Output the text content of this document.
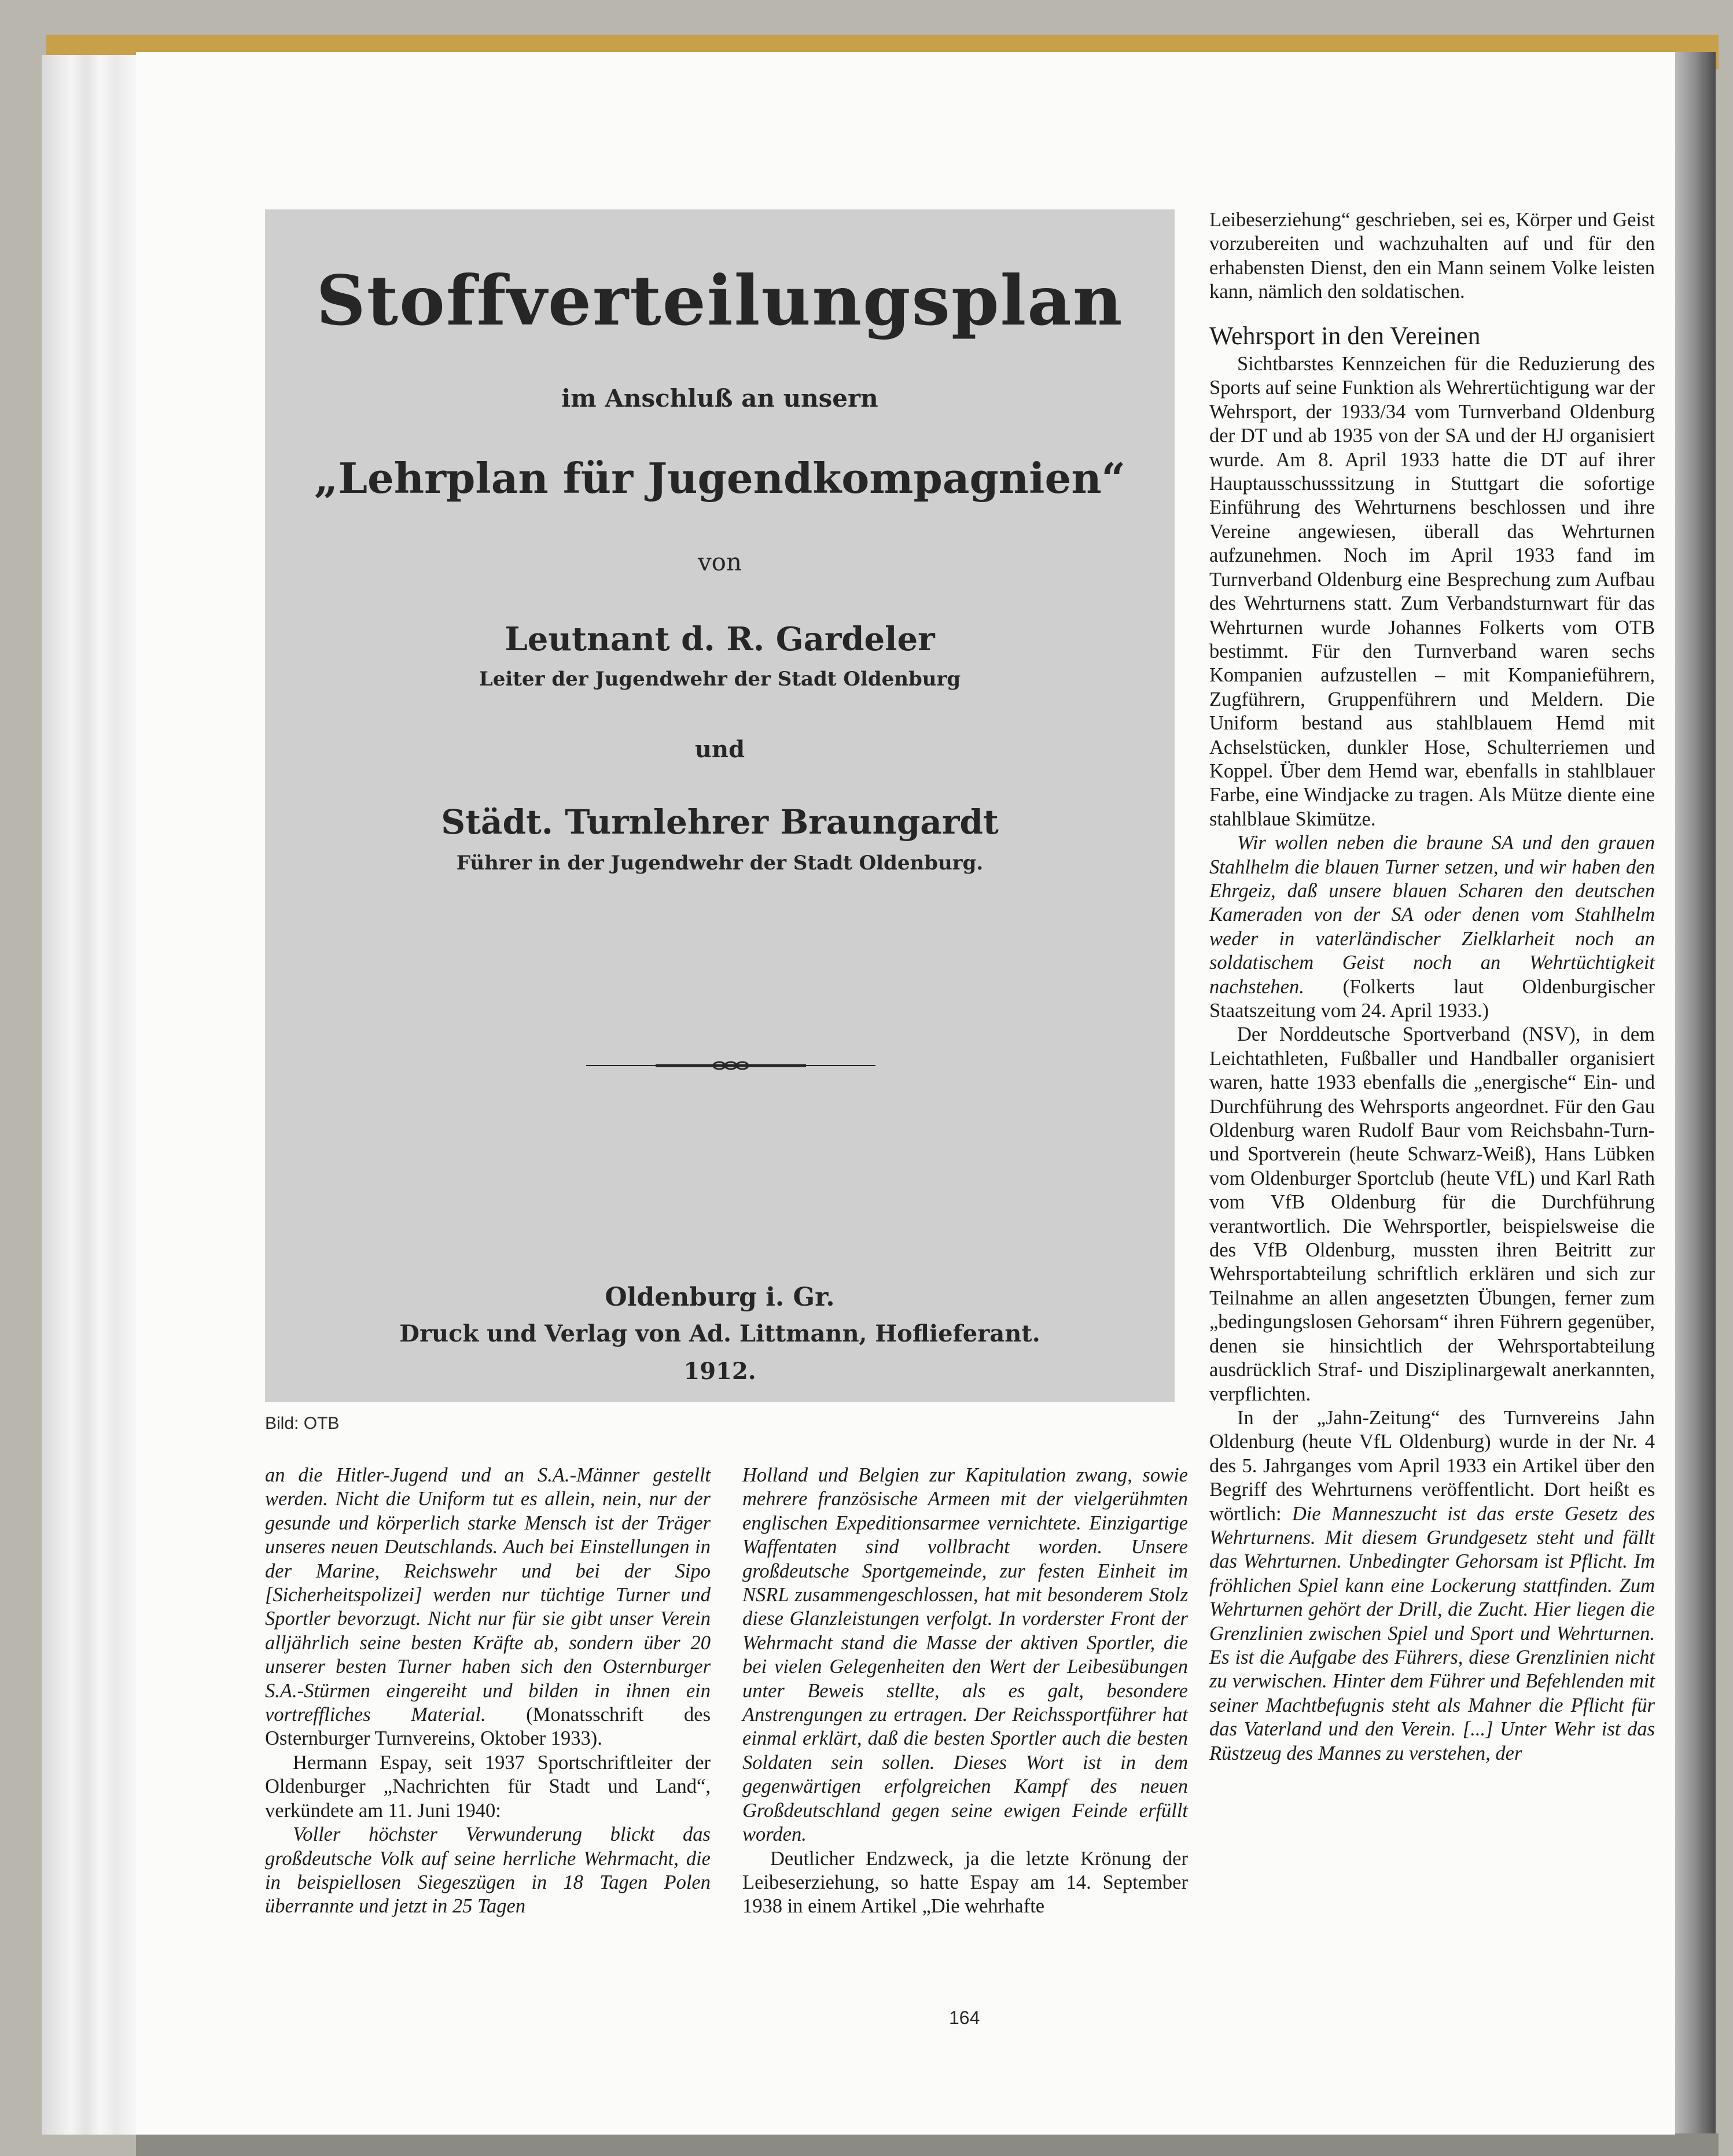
Stoffverteilungsplan
im Anschluß an unsern
„Lehrplan für Jugendkompagnien“
von
Leutnant d. R. Gardeler
Leiter der Jugendwehr der Stadt Oldenburg
und
Städt. Turnlehrer Braungardt
Führer in der Jugendwehr der Stadt Oldenburg.
Oldenburg i. Gr.
Druck und Verlag von Ad. Littmann, Hoflieferant.
1912.
Bild: OTB

an die Hitler-Jugend und an S.A.-Männer gestellt werden. Nicht die Uniform tut es allein, nein, nur der gesunde und körperlich starke Mensch ist der Träger unseres neuen Deutschlands. Auch bei Einstellungen in der Marine, Reichswehr und bei der Sipo [Sicherheitspolizei] werden nur tüchtige Turner und Sportler bevorzugt. Nicht nur für sie gibt unser Verein alljährlich seine besten Kräfte ab, sondern über 20 unserer besten Turner haben sich den Osternburger S.A.-Stürmen eingereiht und bilden in ihnen ein vortreffliches Material. (Monatsschrift des Osternburger Turnvereins, Oktober 1933).

Hermann Espay, seit 1937 Sportschriftleiter der Oldenburger „Nachrichten für Stadt und Land“, verkündete am 11. Juni 1940:

Voller höchster Verwunderung blickt das großdeutsche Volk auf seine herrliche Wehrmacht, die in beispiellosen Siegeszügen in 18 Tagen Polen überrannte und jetzt in 25 Tagen

Holland und Belgien zur Kapitulation zwang, sowie mehrere französische Armeen mit der vielgerühmten englischen Expeditionsarmee vernichtete. Einzigartige Waffentaten sind vollbracht worden. Unsere großdeutsche Sportgemeinde, zur festen Einheit im NSRL zusammengeschlossen, hat mit besonderem Stolz diese Glanzleistungen verfolgt. In vorderster Front der Wehrmacht stand die Masse der aktiven Sportler, die bei vielen Gelegenheiten den Wert der Leibesübungen unter Beweis stellte, als es galt, besondere Anstrengungen zu ertragen. Der Reichssportführer hat einmal erklärt, daß die besten Sportler auch die besten Soldaten sein sollen. Dieses Wort ist in dem gegenwärtigen erfolgreichen Kampf des neuen Großdeutschland gegen seine ewigen Feinde erfüllt worden.

Deutlicher Endzweck, ja die letzte Krönung der Leibeserziehung, so hatte Espay am 14. September 1938 in einem Artikel „Die wehrhafte

Leibeserziehung“ geschrieben, sei es, Körper und Geist vorzubereiten und wachzuhalten auf und für den erhabensten Dienst, den ein Mann seinem Volke leisten kann, nämlich den soldatischen.

Wehrsport in den Vereinen

Sichtbarstes Kennzeichen für die Reduzierung des Sports auf seine Funktion als Wehrertüchtigung war der Wehrsport, der 1933/34 vom Turnverband Oldenburg der DT und ab 1935 von der SA und der HJ organisiert wurde. Am 8. April 1933 hatte die DT auf ihrer Hauptausschusssitzung in Stuttgart die sofortige Einführung des Wehrturnens beschlossen und ihre Vereine angewiesen, überall das Wehrturnen aufzunehmen. Noch im April 1933 fand im Turnverband Oldenburg eine Besprechung zum Aufbau des Wehrturnens statt. Zum Verbandsturnwart für das Wehrturnen wurde Johannes Folkerts vom OTB bestimmt. Für den Turnverband waren sechs Kompanien aufzustellen – mit Kompanieführern, Zugführern, Gruppenführern und Meldern. Die Uniform bestand aus stahlblauem Hemd mit Achselstücken, dunkler Hose, Schulterriemen und Koppel. Über dem Hemd war, ebenfalls in stahlblauer Farbe, eine Windjacke zu tragen. Als Mütze diente eine stahlblaue Skimütze.

Wir wollen neben die braune SA und den grauen Stahlhelm die blauen Turner setzen, und wir haben den Ehrgeiz, daß unsere blauen Scharen den deutschen Kameraden von der SA oder denen vom Stahlhelm weder in vaterländischer Zielklarheit noch an soldatischem Geist noch an Wehrtüchtigkeit nachstehen. (Folkerts laut Oldenburgischer Staatszeitung vom 24. April 1933.)

Der Norddeutsche Sportverband (NSV), in dem Leichtathleten, Fußballer und Handballer organisiert waren, hatte 1933 ebenfalls die „energische“ Ein- und Durchführung des Wehrsports angeordnet. Für den Gau Oldenburg waren Rudolf Baur vom Reichsbahn-Turn- und Sportverein (heute Schwarz-Weiß), Hans Lübken vom Oldenburger Sportclub (heute VfL) und Karl Rath vom VfB Oldenburg für die Durchführung verantwortlich. Die Wehrsportler, beispielsweise die des VfB Oldenburg, mussten ihren Beitritt zur Wehrsportabteilung schriftlich erklären und sich zur Teilnahme an allen angesetzten Übungen, ferner zum „bedingungslosen Gehorsam“ ihren Führern gegenüber, denen sie hinsichtlich der Wehrsportabteilung ausdrücklich Straf- und Disziplinargewalt anerkannten, verpflichten.

In der „Jahn-Zeitung“ des Turnvereins Jahn Oldenburg (heute VfL Oldenburg) wurde in der Nr. 4 des 5. Jahrganges vom April 1933 ein Artikel über den Begriff des Wehrturnens veröffentlicht. Dort heißt es wörtlich: Die Manneszucht ist das erste Gesetz des Wehrturnens. Mit diesem Grundgesetz steht und fällt das Wehrturnen. Unbedingter Gehorsam ist Pflicht. Im fröhlichen Spiel kann eine Lockerung stattfinden. Zum Wehrturnen gehört der Drill, die Zucht. Hier liegen die Grenzlinien zwischen Spiel und Sport und Wehrturnen. Es ist die Aufgabe des Führers, diese Grenzlinien nicht zu verwischen. Hinter dem Führer und Befehlenden mit seiner Machtbefugnis steht als Mahner die Pflicht für das Vaterland und den Verein. [...] Unter Wehr ist das Rüstzeug des Mannes zu verstehen, der

164
